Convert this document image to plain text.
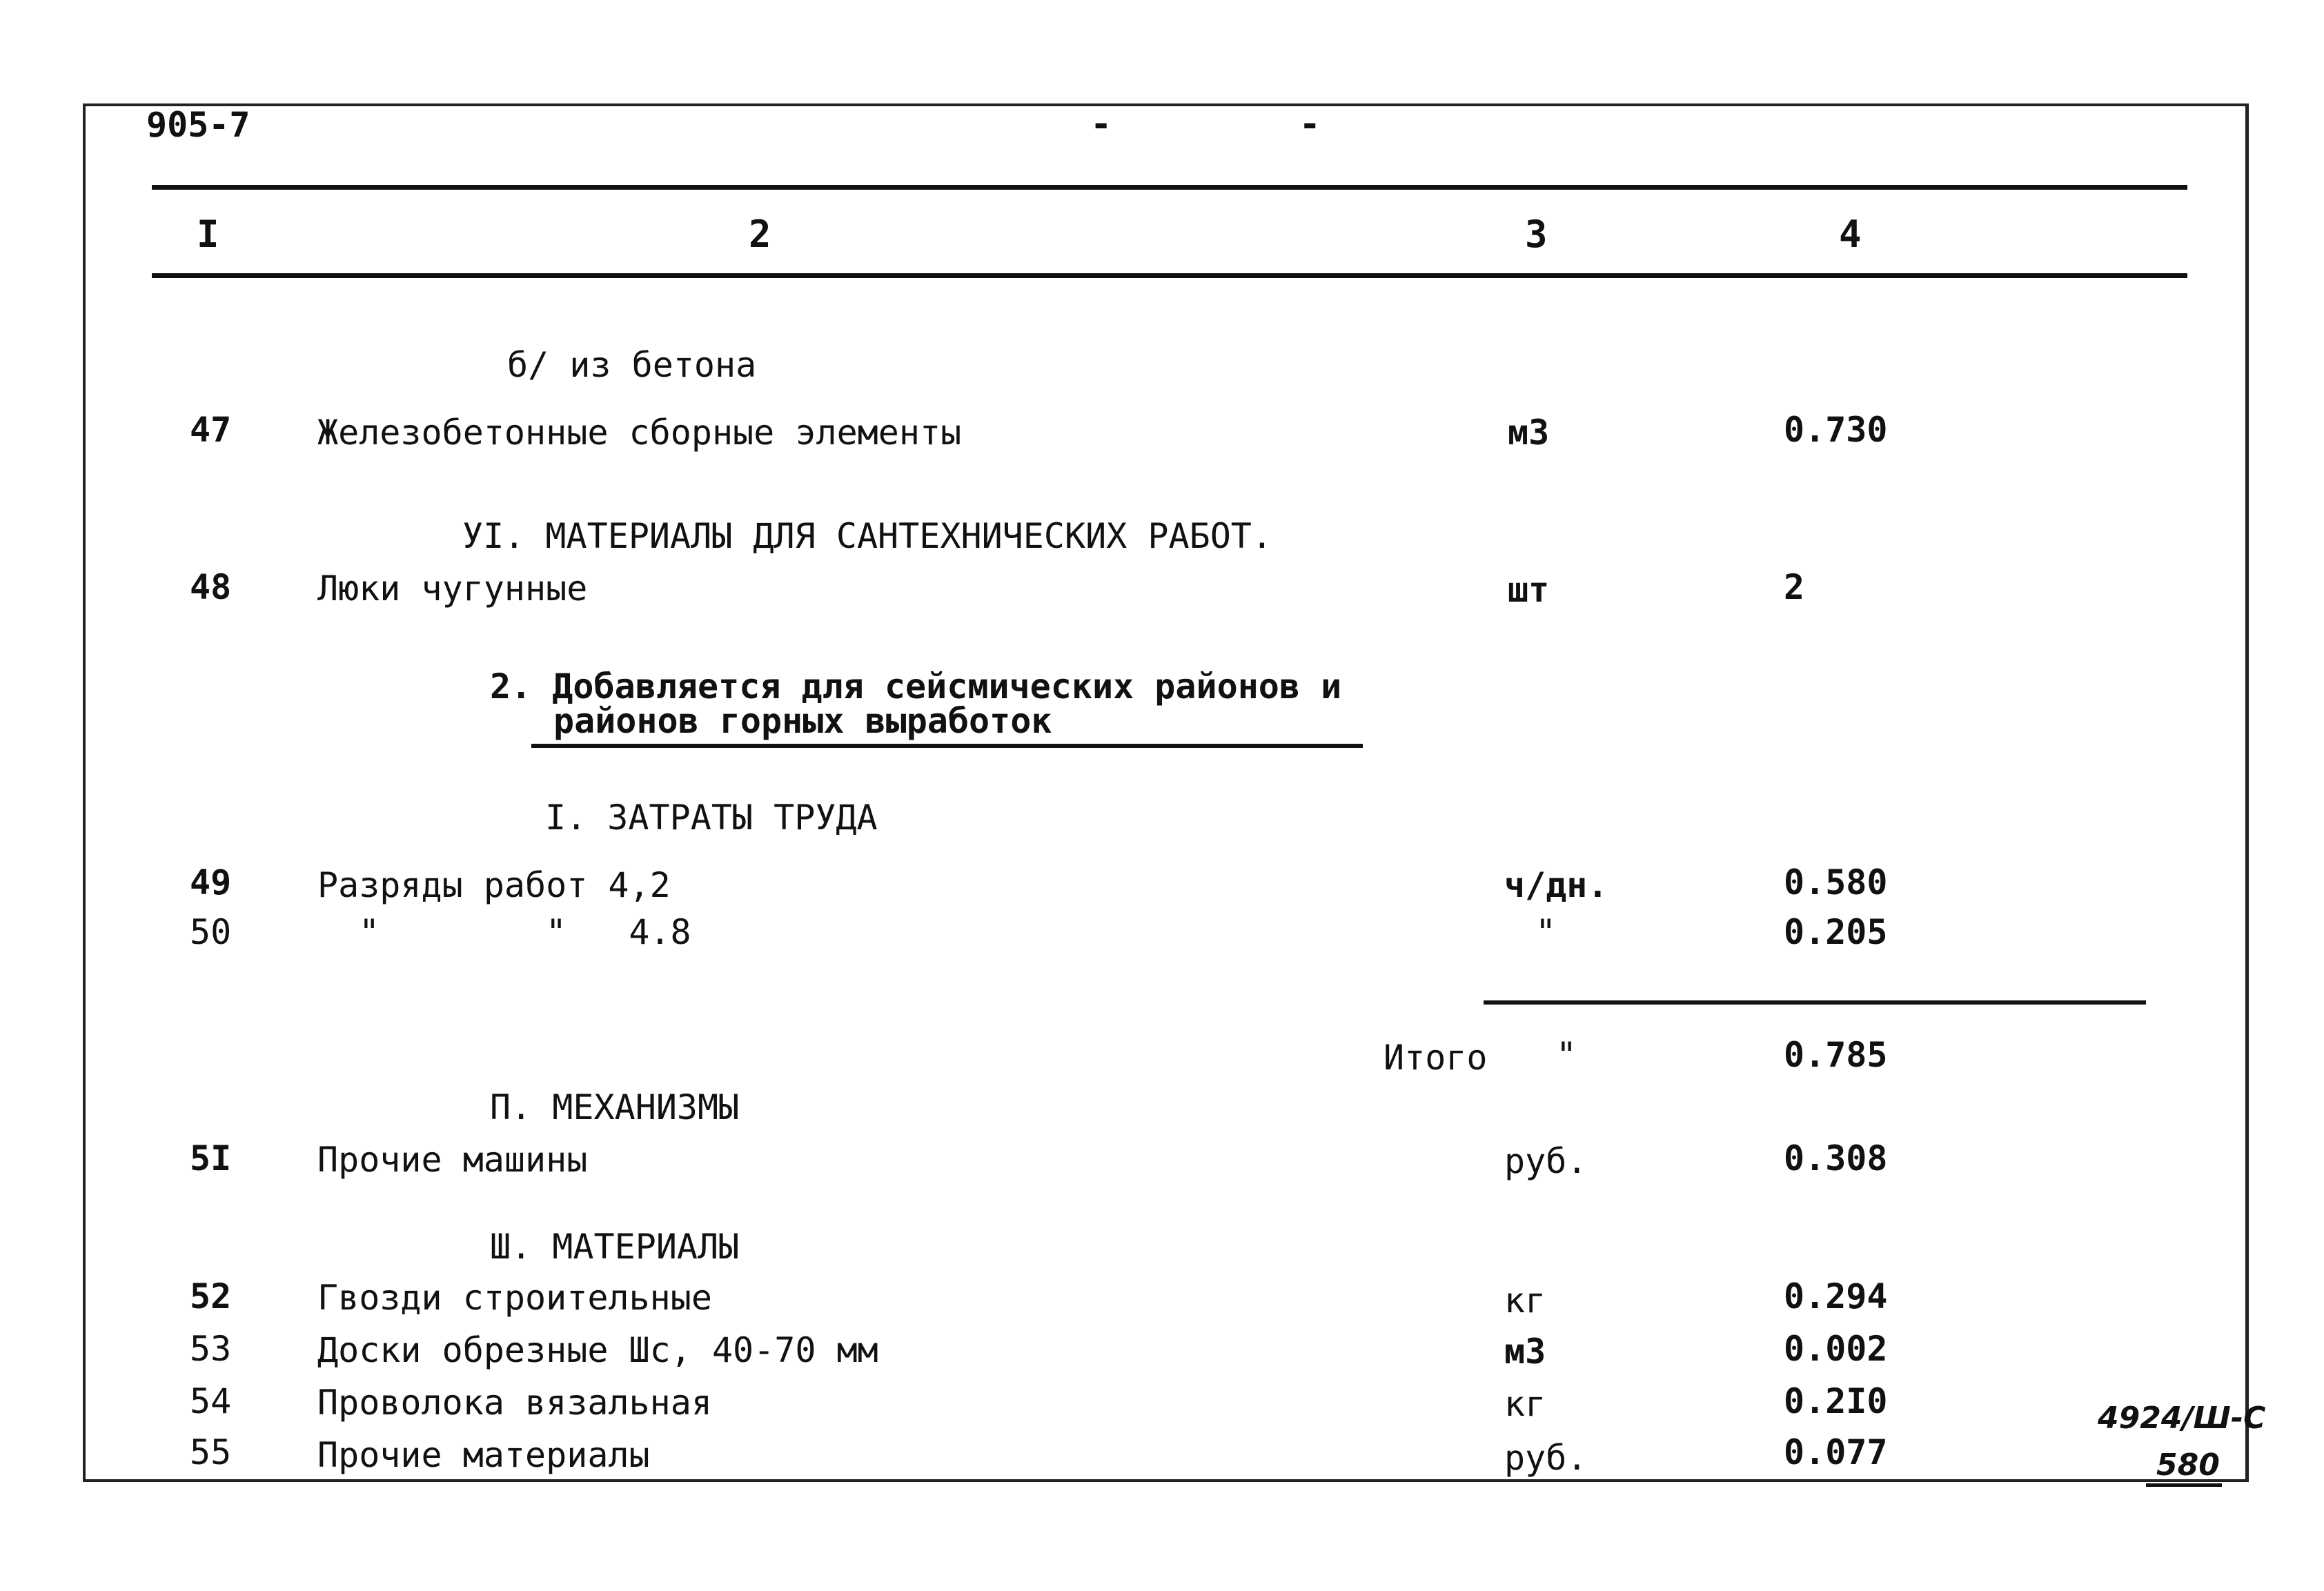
905-7	- -
I	2	3	4
б/ из бетона
47 Железобетонные сборные элементы	м3	0.730
УI. МАТЕРИАЛЫ ДЛЯ САНТЕХНИЧЕСКИХ РАБОТ.
48 Люки чугунные	шт	2
2. Добавляется для сейсмических районов и
районов горных выработок
I. ЗАТРАТЫ ТРУДА
49 Разряды работ 4,2	ч/дн.	0.580
50	"        "   4.8	"	0.205
Итого "	0.785
П. МЕХАНИЗМЫ
5I Прочие машины	руб.	0.308
Ш. МАТЕРИАЛЫ
52 Гвозди строительные	кг	0.294
53 Доски обрезные Шс, 40-70 мм	м3	0.002
54 Проволока вязальная	кг	0.2I0
55 Прочие материалы	руб.	0.077
4924/Ш-С
580
